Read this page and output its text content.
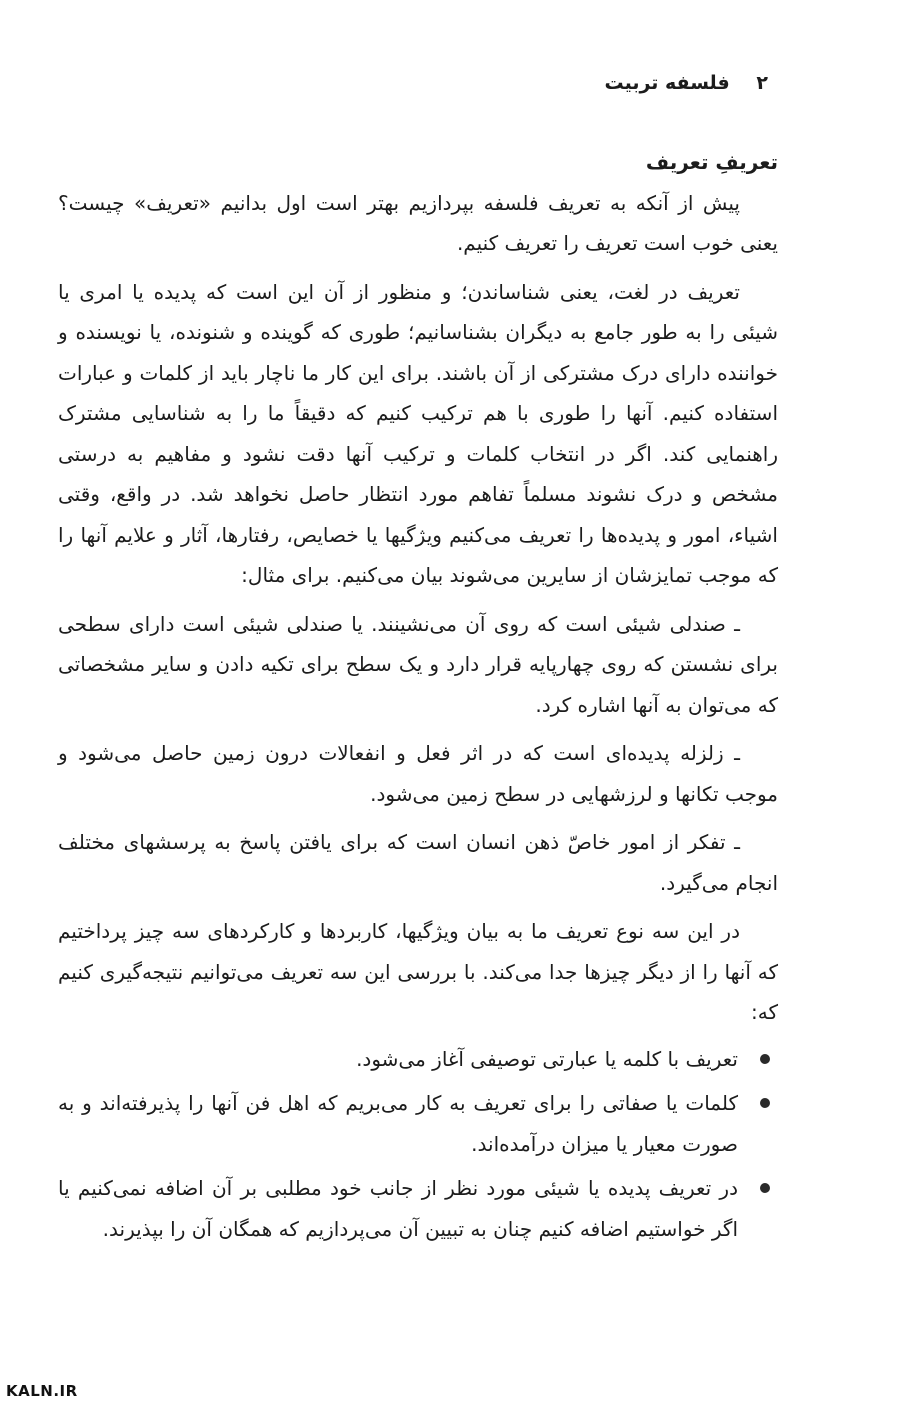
۲ فلسفه تربیت

تعریفِ تعریف

پیش از آنکه به تعریف فلسفه بپردازیم بهتر است اول بدانیم «تعریف» چیست؟ یعنی خوب است تعریف را تعریف کنیم.

تعریف در لغت، یعنی شناساندن؛ و منظور از آن این است که پدیده یا امری یا شیئی را به طور جامع به دیگران بشناسانیم؛ طوری که گوینده و شنونده، یا نویسنده و خواننده دارای درک مشترکی از آن باشند. برای این کار ما ناچار باید از کلمات و عبارات استفاده کنیم. آنها را طوری با هم ترکیب کنیم که دقیقاً ما را به شناسایی مشترک راهنمایی کند. اگر در انتخاب کلمات و ترکیب آنها دقت نشود و مفاهیم به درستی مشخص و درک نشوند مسلماً تفاهم مورد انتظار حاصل نخواهد شد. در واقع، وقتی اشیاء، امور و پدیده‌ها را تعریف می‌کنیم ویژگیها یا خصایص، رفتارها، آثار و علایم آنها را که موجب تمایزشان از سایرین می‌شوند بیان می‌کنیم. برای مثال:

ـ صندلی شیئی است که روی آن می‌نشینند. یا صندلی شیئی است دارای سطحی برای نشستن که روی چهارپایه قرار دارد و یک سطح برای تکیه دادن و سایر مشخصاتی که می‌توان به آنها اشاره کرد.

ـ زلزله پدیده‌ای است که در اثر فعل و انفعالات درون زمین حاصل می‌شود و موجب تکانها و لرزشهایی در سطح زمین می‌شود.

ـ تفکر از امور خاصّ ذهن انسان است که برای یافتن پاسخ به پرسشهای مختلف انجام می‌گیرد.

در این سه نوع تعریف ما به بیان ویژگیها، کاربردها و کارکردهای سه چیز پرداختیم که آنها را از دیگر چیزها جدا می‌کند. با بررسی این سه تعریف می‌توانیم نتیجه‌گیری کنیم که:

تعریف با کلمه یا عبارتی توصیفی آغاز می‌شود.
کلمات یا صفاتی را برای تعریف به کار می‌بریم که اهل فن آنها را پذیرفته‌اند و به صورت معیار یا میزان درآمده‌اند.
در تعریف پدیده یا شیئی مورد نظر از جانب خود مطلبی بر آن اضافه نمی‌کنیم یا اگر خواستیم اضافه کنیم چنان به تبیین آن می‌پردازیم که همگان آن را بپذیرند.
KALN.IR
